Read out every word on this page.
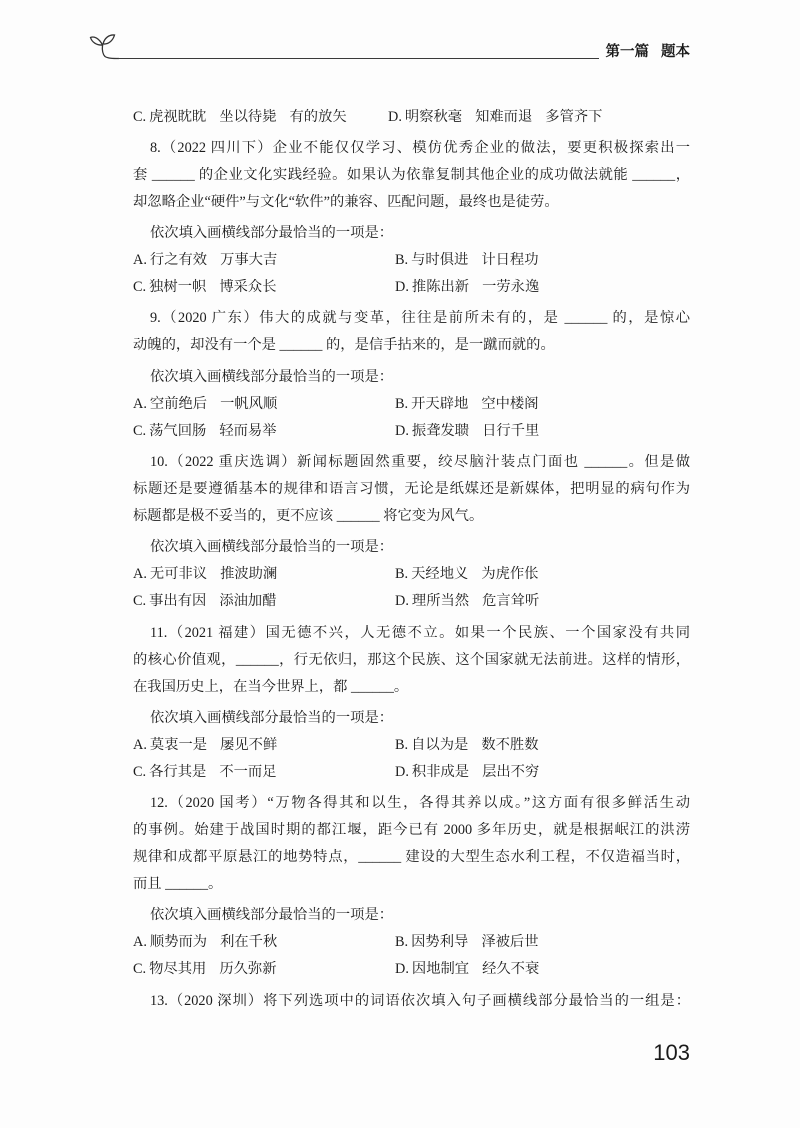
第一篇 题本
C. 虎视眈眈 坐以待毙 有的放矢	D. 明察秋毫 知难而退 多管齐下
8.（2022 四川下）企业不能仅仅学习、模仿优秀企业的做法，要更积极探索出一
套 ______ 的企业文化实践经验。如果认为依靠复制其他企业的成功做法就能 ______，
却忽略企业“硬件”与文化“软件”的兼容、匹配问题，最终也是徒劳。
依次填入画横线部分最恰当的一项是：
A. 行之有效 万事大吉	B. 与时俱进 计日程功
C. 独树一帜 博采众长	D. 推陈出新 一劳永逸
9.（2020 广东）伟大的成就与变革，往往是前所未有的，是 ______ 的，是惊心
动魄的，却没有一个是 ______ 的，是信手拈来的，是一蹴而就的。
依次填入画横线部分最恰当的一项是：
A. 空前绝后 一帆风顺	B. 开天辟地 空中楼阁
C. 荡气回肠 轻而易举	D. 振聋发聩 日行千里
10.（2022 重庆选调）新闻标题固然重要，绞尽脑汁装点门面也 ______。但是做
标题还是要遵循基本的规律和语言习惯，无论是纸媒还是新媒体，把明显的病句作为
标题都是极不妥当的，更不应该 ______ 将它变为风气。
依次填入画横线部分最恰当的一项是：
A. 无可非议 推波助澜	B. 天经地义 为虎作伥
C. 事出有因 添油加醋	D. 理所当然 危言耸听
11.（2021 福建）国无德不兴，人无德不立。如果一个民族、一个国家没有共同
的核心价值观，______，行无依归，那这个民族、这个国家就无法前进。这样的情形，
在我国历史上，在当今世界上，都 ______。
依次填入画横线部分最恰当的一项是：
A. 莫衷一是 屡见不鲜	B. 自以为是 数不胜数
C. 各行其是 不一而足	D. 积非成是 层出不穷
12.（2020 国考）“万物各得其和以生，各得其养以成。”这方面有很多鲜活生动
的事例。始建于战国时期的都江堰，距今已有 2000 多年历史，就是根据岷江的洪涝
规律和成都平原悬江的地势特点，______ 建设的大型生态水利工程，不仅造福当时，
而且 ______。
依次填入画横线部分最恰当的一项是：
A. 顺势而为 利在千秋	B. 因势利导 泽被后世
C. 物尽其用 历久弥新	D. 因地制宜 经久不衰
13.（2020 深圳）将下列选项中的词语依次填入句子画横线部分最恰当的一组是：
103
